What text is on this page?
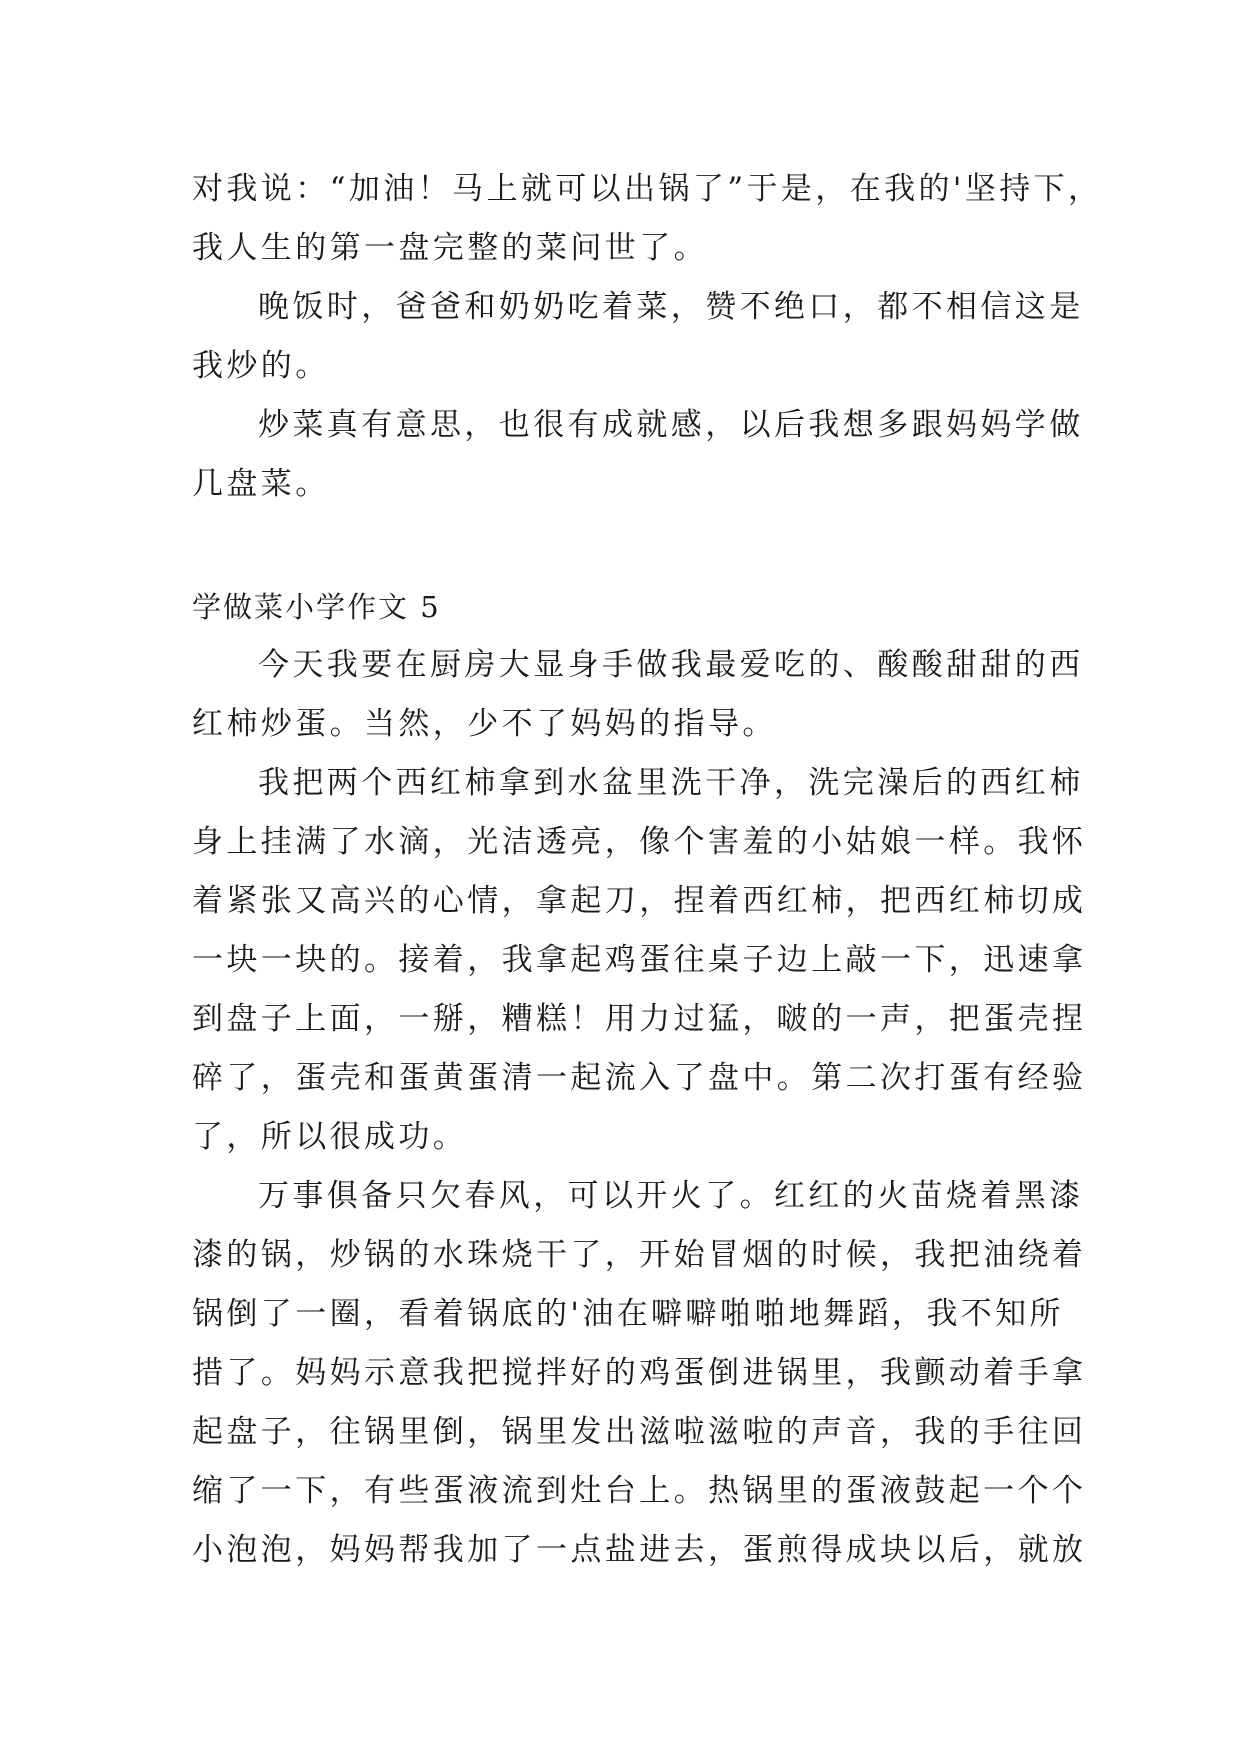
对我说：“加油！马上就可以出锅了”于是，在我的'坚持下，
我人生的第一盘完整的菜问世了。
晚饭时，爸爸和奶奶吃着菜，赞不绝口，都不相信这是
我炒的。
炒菜真有意思，也很有成就感，以后我想多跟妈妈学做
几盘菜。
学做菜小学作文 5
今天我要在厨房大显身手做我最爱吃的、酸酸甜甜的西
红柿炒蛋。当然，少不了妈妈的指导。
我把两个西红柿拿到水盆里洗干净，洗完澡后的西红柿
身上挂满了水滴，光洁透亮，像个害羞的小姑娘一样。我怀
着紧张又高兴的心情，拿起刀，捏着西红柿，把西红柿切成
一块一块的。接着，我拿起鸡蛋往桌子边上敲一下，迅速拿
到盘子上面，一掰，糟糕！用力过猛，啵的一声，把蛋壳捏
碎了，蛋壳和蛋黄蛋清一起流入了盘中。第二次打蛋有经验
了，所以很成功。
万事俱备只欠春风，可以开火了。红红的火苗烧着黑漆
漆的锅，炒锅的水珠烧干了，开始冒烟的时候，我把油绕着
锅倒了一圈，看着锅底的'油在噼噼啪啪地舞蹈，我不知所
措了。妈妈示意我把搅拌好的鸡蛋倒进锅里，我颤动着手拿
起盘子，往锅里倒，锅里发出滋啦滋啦的声音，我的手往回
缩了一下，有些蛋液流到灶台上。热锅里的蛋液鼓起一个个
小泡泡，妈妈帮我加了一点盐进去，蛋煎得成块以后，就放
